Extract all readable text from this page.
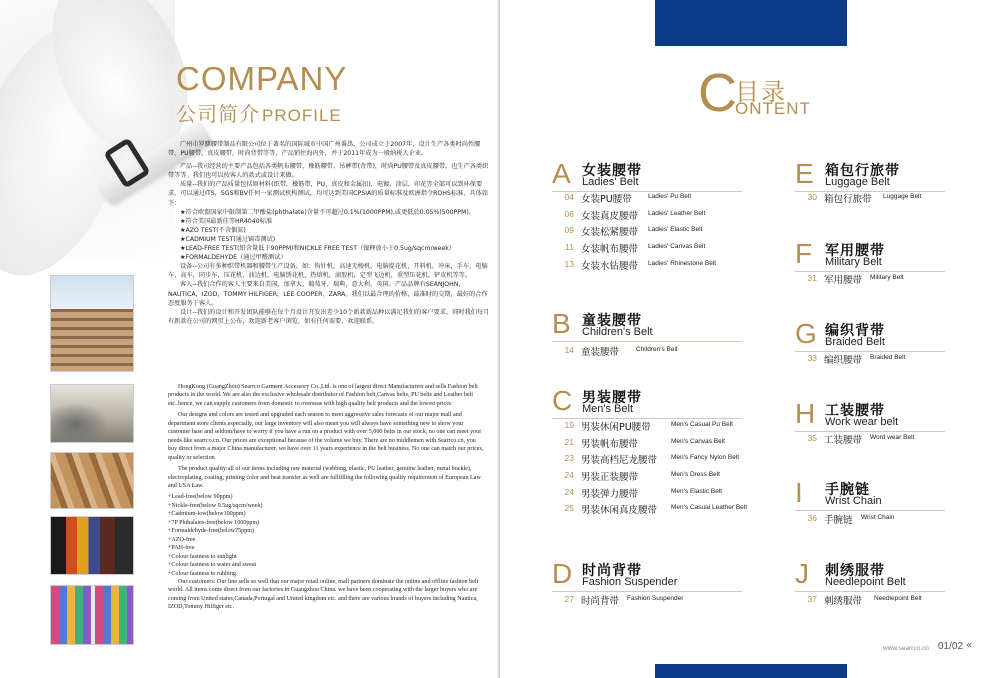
COMPANY
公司简介 PROFILE

广州市罗騏腰带制品有限公司位于著名的国际城市中国广州番禺，公司成立于2007年，设计生产各类时尚性腰带，PU腰带，真皮腰带，时尚背带等等，产品销往海内外，并于2011年成为一般纳税人企业。

产品--我司经营的主要产品包括各类帆布腰带、橡筋腰带、吊裤带(背带)，时尚PU腰带及真皮腰带，也生产各类织带等等。我们也可以按客人的款式或设计来做。

质量--我们的产品质量包括原材料(织带，橡筋带，PU，真皮和金属扣)，电镀，涂层，印花等全部可以到环保要求，可以通过ITS，SGS和BV任何一家测试机构测试，均可达到美国CPSIA的质量标准及欧洲指令ROHS标准，具体如下：

★符合欧盟国家中限制第二甲酸盐(phthalate)含量不可超过0.1%(1000PPM),或更低於0.05%(500PPM)。

★符合美国最新佳等HR4040标准

★AZO TEST(不含偶氮)

★CADMIUM TEST(通过镉毒测试)

★LEAD-FREE TEST(铅含量低于90PPM)和NICKLE FREE TEST（镍释放小于0.5ug/sqcm/week）

★FORMALDEHYDE（通过甲醛测试）

设备--公司有多种织带机器和腰带生产设备，如：钩针机，高速无梭机，电脑提花机，开料机，冲床，手车，电脑车，高车，同步车，压花机，油边机，电脑绣花机，热熔机，滚胶机，定型飞边机，重型压花机，铲皮机等等。

客人--我们合作的客人主要来自美国，加拿大，葡萄牙，瑞典，意大利，英国。产品品牌有SEANJOHN，NAUTICA，IZOD，TOMMY HILFIGER，LEE COOPER，ZARA。我们以最合理的价格，最准时的交期，最好的合作态度服务于客人。

设计--我们的设计和开发团队能够在每个月设计开发出差少10个新款新品种以满足我们的客户要求。同时我们每月有新款在公司的网页上公布，欢迎新老客户浏览，如有任何需要，欢迎联系。

HongKong (GuangZhou) Searrco Garment Accessory Co.,Ltd. is one of largest direct Manufacturers and sells Fashion belt products in the world. We are also the exclusive wholesale distributor of Fashion belt,Canvas belts, PU belts and Leather belt etc..hence, we can supply customers from domestic to overseas with high quality belt products and the lowest prices

Our designs and colors are tested and upgraded each season to meet aggressive sales forecasts of our major mall and department store clients.especially, our large inventory will also mean you will always have something new to show your customer base and seldom/have to worry if you have a run on a product with over 5,000 belts in our stock, no one can meet your needs like searrco.cn. Our prices are exceptional because of the volume we buy. There are no middlemen with Searrco.cn, you buy direct from a major China manufacturer. we have over 11 years experience in the belt business. No one can match our prices, quality or selection

The product quality:all of our items including raw material (webbing, elastic, PU leather, genuine leather, metal buckle), electroplating, coating, printing color and heat transfer as well are fullfilling the following quality requirement of European Law and USA Law.

+Lead-free(below 90ppm)

+Nickle-free(below 0.5ug/sqcm/week)

+Cadmium-low(below100ppm)

+7P Phthalates-free(below 1000ppm)

+Formaldehyde-free(below75ppm)

+AZO-free

+PAH-free

+Colour fastness to sunlight

+Colour fastness to water and sweat

+Colour fastness to rubbing

Our customers: Our line sells so well that our major retail online, mall partners dominate the online and offline fashion belt world. All items come direct from our factories in Guangzhou China. we have been cooperating with the larger buyers who are coming from United states,Canada,Portugal and United kingdom etc. and there are various brands of buyers including Nautica, IZOD,Tommy Hilfiger etc.

C
目录
ONTENT
A 女装腰带
Ladies' Belt
04 女装PU腰带	Ladies' Pu Belt
06 女装真皮腰带 Ladies' Leather Belt
09 女装松紧腰带 Ladies' Elastic Belt
11 女装帆布腰带 Ladies' Canvas Belt
13 女装水钻腰带 Ladies' Rhinestone Belt
B 童装腰带
Children's Belt
14 童装腰带	Children's Belt
C 男装腰带
Men's Belt
19 男装休闲PU腰带	Men's Casual Pu Belt
21 男装帆布腰带	Men's Canvas Belt
23 男装高档尼龙腰带 Men's Fancy Nylon Belt
24 男装正装腰带	Men's Dress Belt
24 男装弹力腰带	Men's Elastic Belt
25 男装休闲真皮腰带 Men's Casual Leather Belt
D 时尚背带
Fashion Suspender
27 时尚背带 Fashion Suspender
E 箱包行旅带
Luggage Belt
30 箱包行旅带 Luggage Belt
F 军用腰带
Military Belt
31 军用腰带 Military Belt
G 编织背带
Braided Belt
33 编织腰带 Braided Belt
H 工装腰带
Work wear belt
35 工装腰带 Word wear Belt
I 手腕链
Wrist Chain
36 手腕链 Wrist Chain
J 刺绣服带
Needlepoint Belt
37 刺绣服带 Needlepoint Belt
www.searrco.cn 01/02 «
